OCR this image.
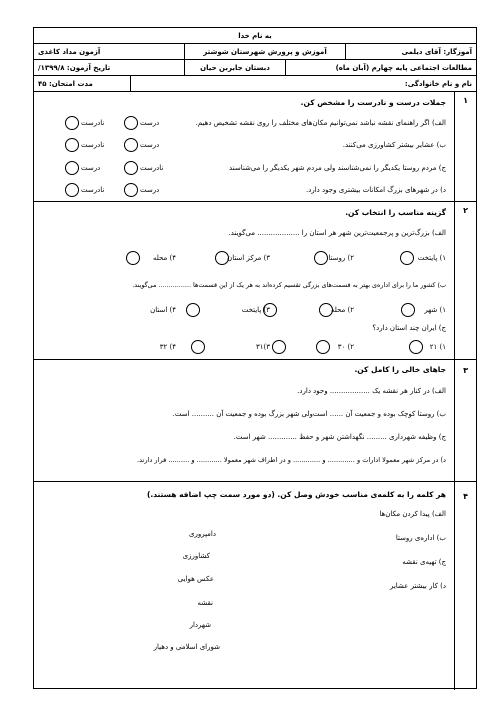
به نام خدا
آموزگار: آقای دیلمی
آموزش و پرورش شهرستان شوشتر
آزمون مداد کاغذی
مطالعات اجتماعی پایه چهارم (آبان ماه)
دبستان جابربن حیان
تاریخ آزمون: ۱۳۹۹/۸/
نام و نام خانوادگی:
مدت امتحان: ۴۵
۱
جملات درست و نادرست را مشخص کن.
الف) اگر راهنمای نقشه نباشد نمی‌توانیم مکان‌های مختلف را روی نقشه تشخیص دهیم.
ب) عشایر بیشتر کشاورزی می‌کنند.
ج) مردم روستا یکدیگر را نمی‌شناسند ولی مردم شهر یکدیگر را می‌شناسند
د) در شهرهای بزرگ امکانات بیشتری وجود دارد.
درست
نادرست
درست
نادرست
نادرست
درست
درست
نادرست
۲
گزینه مناسب را انتخاب کن.
الف) بزرگ‌ترین و پرجمعیت‌ترین شهر هر استان را ................... می‌گویند.
۱) پایتخت
۲) روستا
۳) مرکز استان
۴) محله
ب) کشور ما را برای اداره‌ی بهتر به قسمت‌های بزرگی تقسیم کرده‌اند به هر یک از این قسمت‌ها ................ می‌گویند.
۱) شهر
۲) محله
۳) پایتخت
۴) استان
ج) ایران چند استان دارد؟
۱) ۲۱
۲) ۳۰
۳)۳۱
۴) ۳۲
۳
جاهای خالی را کامل کن.
الف) در کنار هر نقشه یک .................. وجود دارد.
ب) روستا کوچک بوده و جمعیت آن ...... است‌ولی شهر بزرگ بوده و جمعیت آن .......... است.
ج) وظیفه شهرداری ......... نگهداشتن شهر و حفظ ............. شهر است.
د) در مرکز شهر معمولا ادارات و ............. و ............. و در اطراف شهر معمولا ............ و .......... قرار دارند.
۴
هر کلمه را به کلمه‌ی مناسب خودش وصل کن. (دو مورد سمت چپ اضافه هستند.)
الف) پیدا کردن مکان‌ها
ب) اداره‌ی روستا
ج) تهیه‌ی نقشه
د) کار بیشتر عشایر
دامپروری
کشاورزی
عکس هوایی
نقشه
شهردار
شورای اسلامی و دهیار
